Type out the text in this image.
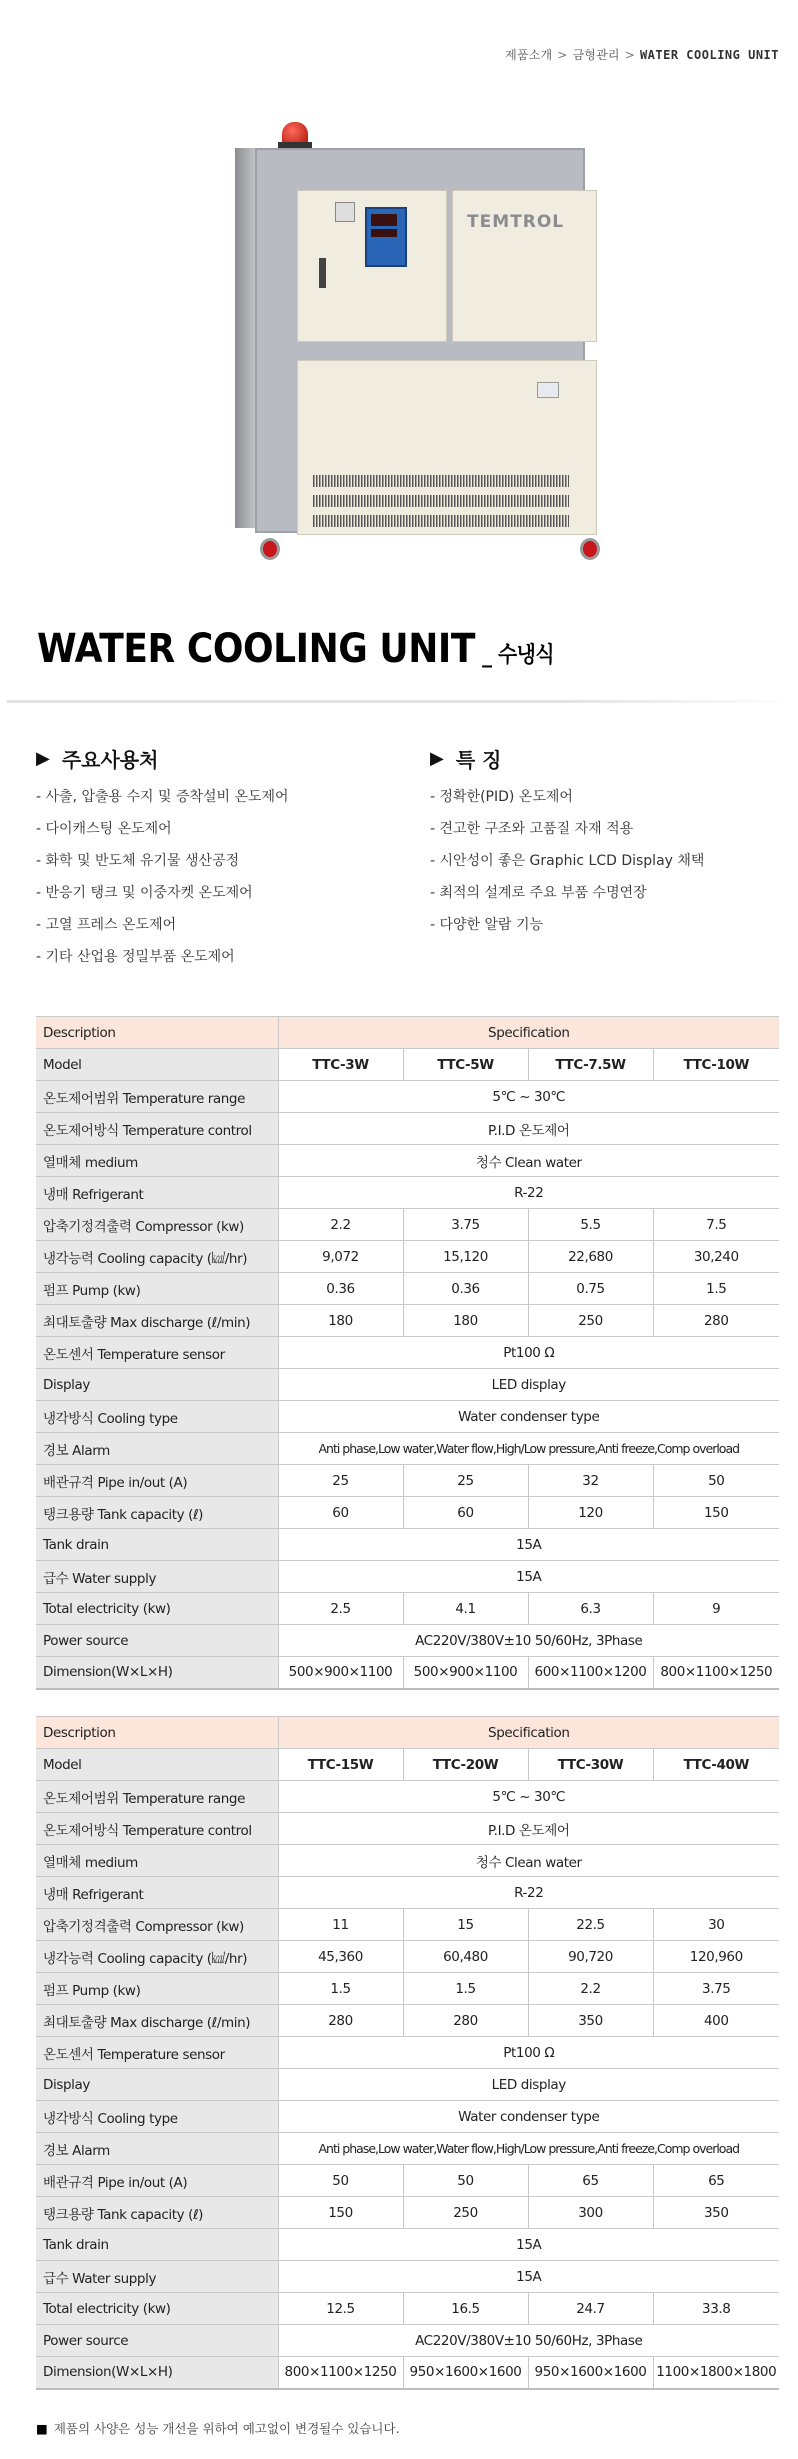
제품소개 > 금형관리 > WATER COOLING UNIT
TEMTROL
WATER COOLING UNIT _ 수냉식
▶ 주요사용처
- 사출, 압출용 수지 및 증착설비 온도제어
- 다이캐스팅 온도제어
- 화학 및 반도체 유기물 생산공정
- 반응기 탱크 및 이중자켓 온도제어
- 고열 프레스 온도제어
- 기타 산업용 정밀부품 온도제어
▶ 특 징
- 정확한(PID) 온도제어
- 견고한 구조와 고품질 자재 적용
- 시안성이 좋은 Graphic LCD Display 채택
- 최적의 설계로 주요 부품 수명연장
- 다양한 알람 기능
Description	Specification			
Model	TTC-3W	TTC-5W	TTC-7.5W	TTC-10W
온도제어범위 Temperature range	5℃ ~ 30℃			
온도제어방식 Temperature control	P.I.D 온도제어			
열매체 medium	청수 Clean water			
냉매 Refrigerant	R-22			
압축기정격출력 Compressor (kw)	2.2	3.75	5.5	7.5
냉각능력 Cooling capacity (㎉/hr)	9,072	15,120	22,680	30,240
펌프 Pump (kw)	0.36	0.36	0.75	1.5
최대토출량 Max discharge (ℓ/min)	180	180	250	280
온도센서 Temperature sensor	Pt100 Ω			
Display	LED display			
냉각방식 Cooling type	Water condenser type			
경보 Alarm	Anti phase,Low water,Water flow,High/Low pressure,Anti freeze,Comp overload			
배관규격 Pipe in/out (A)	25	25	32	50
탱크용량 Tank capacity (ℓ)	60	60	120	150
Tank drain	15A			
급수 Water supply	15A			
Total electricity (kw)	2.5	4.1	6.3	9
Power source	AC220V/380V±10 50/60Hz, 3Phase			
Dimension(W×L×H)	500×900×1100	500×900×1100	600×1100×1200	800×1100×1250
Description	Specification			
Model	TTC-15W	TTC-20W	TTC-30W	TTC-40W
온도제어범위 Temperature range	5℃ ~ 30℃			
온도제어방식 Temperature control	P.I.D 온도제어			
열매체 medium	청수 Clean water			
냉매 Refrigerant	R-22			
압축기정격출력 Compressor (kw)	11	15	22.5	30
냉각능력 Cooling capacity (㎉/hr)	45,360	60,480	90,720	120,960
펌프 Pump (kw)	1.5	1.5	2.2	3.75
최대토출량 Max discharge (ℓ/min)	280	280	350	400
온도센서 Temperature sensor	Pt100 Ω			
Display	LED display			
냉각방식 Cooling type	Water condenser type			
경보 Alarm	Anti phase,Low water,Water flow,High/Low pressure,Anti freeze,Comp overload			
배관규격 Pipe in/out (A)	50	50	65	65
탱크용량 Tank capacity (ℓ)	150	250	300	350
Tank drain	15A			
급수 Water supply	15A			
Total electricity (kw)	12.5	16.5	24.7	33.8
Power source	AC220V/380V±10 50/60Hz, 3Phase			
Dimension(W×L×H)	800×1100×1250	950×1600×1600	950×1600×1600	1100×1800×1800
■ 제품의 사양은 성능 개선을 위하여 예고없이 변경될수 있습니다.
